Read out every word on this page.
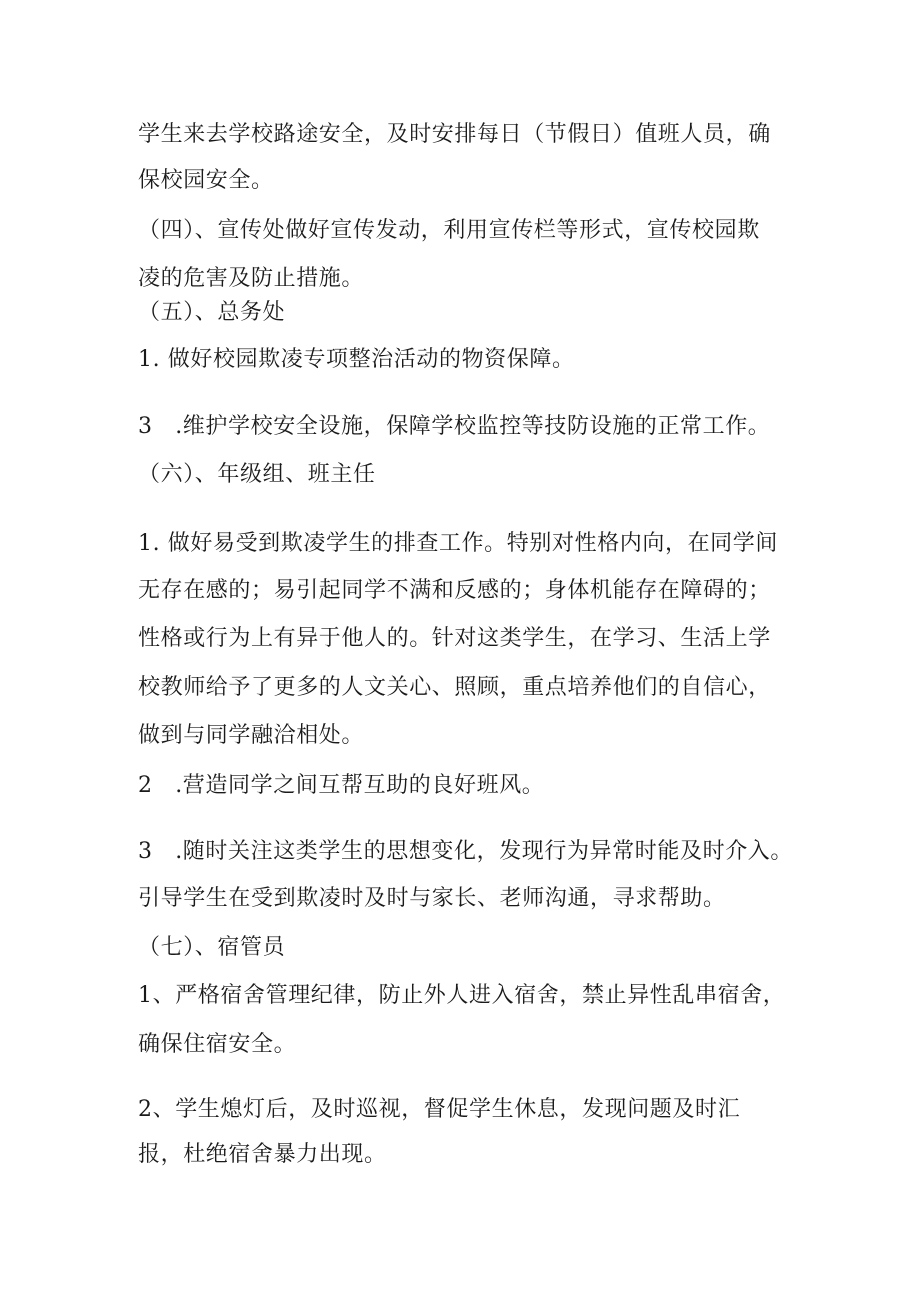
学生来去学校路途安全，及时安排每日（节假日）值班人员，确
保校园安全。
（四）、宣传处做好宣传发动，利用宣传栏等形式，宣传校园欺
凌的危害及防止措施。
（五）、总务处
1. 做好校园欺凌专项整治活动的物资保障。
3　.维护学校安全设施，保障学校监控等技防设施的正常工作。
（六）、年级组、班主任
1. 做好易受到欺凌学生的排查工作。特别对性格内向，在同学间
无存在感的；易引起同学不满和反感的；身体机能存在障碍的；
性格或行为上有异于他人的。针对这类学生，在学习、生活上学
校教师给予了更多的人文关心、照顾，重点培养他们的自信心，
做到与同学融洽相处。
2　.营造同学之间互帮互助的良好班风。
3　.随时关注这类学生的思想变化，发现行为异常时能及时介入。
引导学生在受到欺凌时及时与家长、老师沟通，寻求帮助。
（七）、宿管员
1、严格宿舍管理纪律，防止外人进入宿舍，禁止异性乱串宿舍，
确保住宿安全。
2、学生熄灯后，及时巡视，督促学生休息，发现问题及时汇
报，杜绝宿舍暴力出现。
